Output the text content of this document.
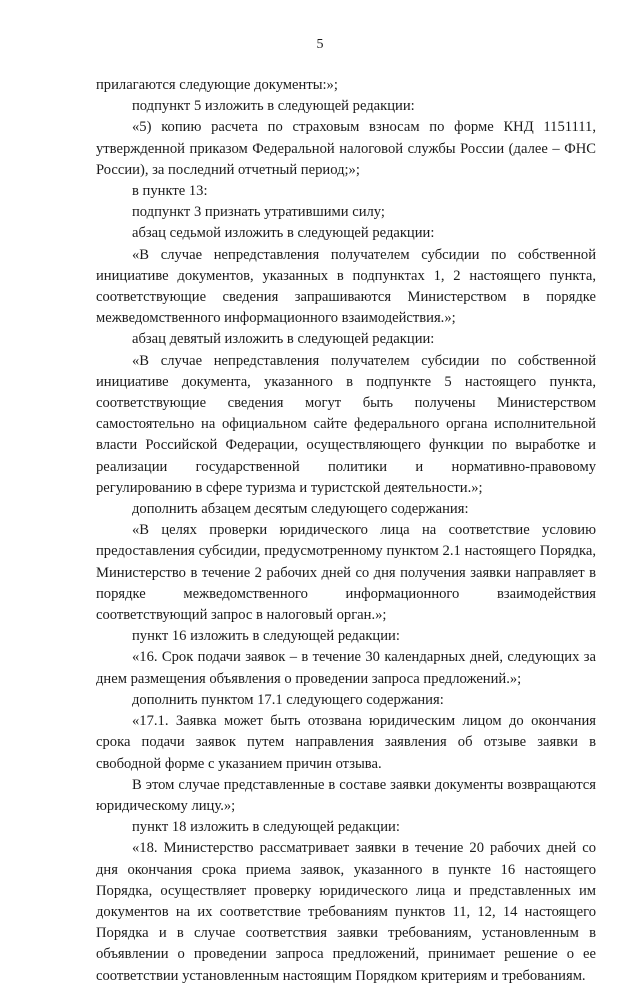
5

прилагаются следующие документы:»;

подпункт 5 изложить в следующей редакции:

«5) копию расчета по страховым взносам по форме КНД 1151111, утвержденной приказом Федеральной налоговой службы России (далее – ФНС России), за последний отчетный период;»;

в пункте 13:

подпункт 3 признать утратившими силу;

абзац седьмой изложить в следующей редакции:

«В случае непредставления получателем субсидии по собственной инициативе документов, указанных в подпунктах 1, 2 настоящего пункта, соответствующие сведения запрашиваются Министерством в порядке межведомственного информационного взаимодействия.»;

абзац девятый изложить в следующей редакции:

«В случае непредставления получателем субсидии по собственной инициативе документа, указанного в подпункте 5 настоящего пункта, соответствующие сведения могут быть получены Министерством самостоятельно на официальном сайте федерального органа исполнительной власти Российской Федерации, осуществляющего функции по выработке и реализации государственной политики и нормативно-правовому регулированию в сфере туризма и туристской деятельности.»;

дополнить абзацем десятым следующего содержания:

«В целях проверки юридического лица на соответствие условию предоставления субсидии, предусмотренному пунктом 2.1 настоящего Порядка, Министерство в течение 2 рабочих дней со дня получения заявки направляет в порядке межведомственного информационного взаимодействия соответствующий запрос в налоговый орган.»;

пункт 16 изложить в следующей редакции:

«16. Срок подачи заявок – в течение 30 календарных дней, следующих за днем размещения объявления о проведении запроса предложений.»;

дополнить пунктом 17.1 следующего содержания:

«17.1. Заявка может быть отозвана юридическим лицом до окончания срока подачи заявок путем направления заявления об отзыве заявки в свободной форме с указанием причин отзыва.

В этом случае представленные в составе заявки документы возвращаются юридическому лицу.»;

пункт 18 изложить в следующей редакции:

«18. Министерство рассматривает заявки в течение 20 рабочих дней со дня окончания срока приема заявок, указанного в пункте 16 настоящего Порядка, осуществляет проверку юридического лица и представленных им документов на их соответствие требованиям пунктов 11, 12, 14 настоящего Порядка и в случае соответствия заявки требованиям, установленным в объявлении о проведении запроса предложений, принимает решение о ее соответствии установленным настоящим Порядком критериям и требованиям.
